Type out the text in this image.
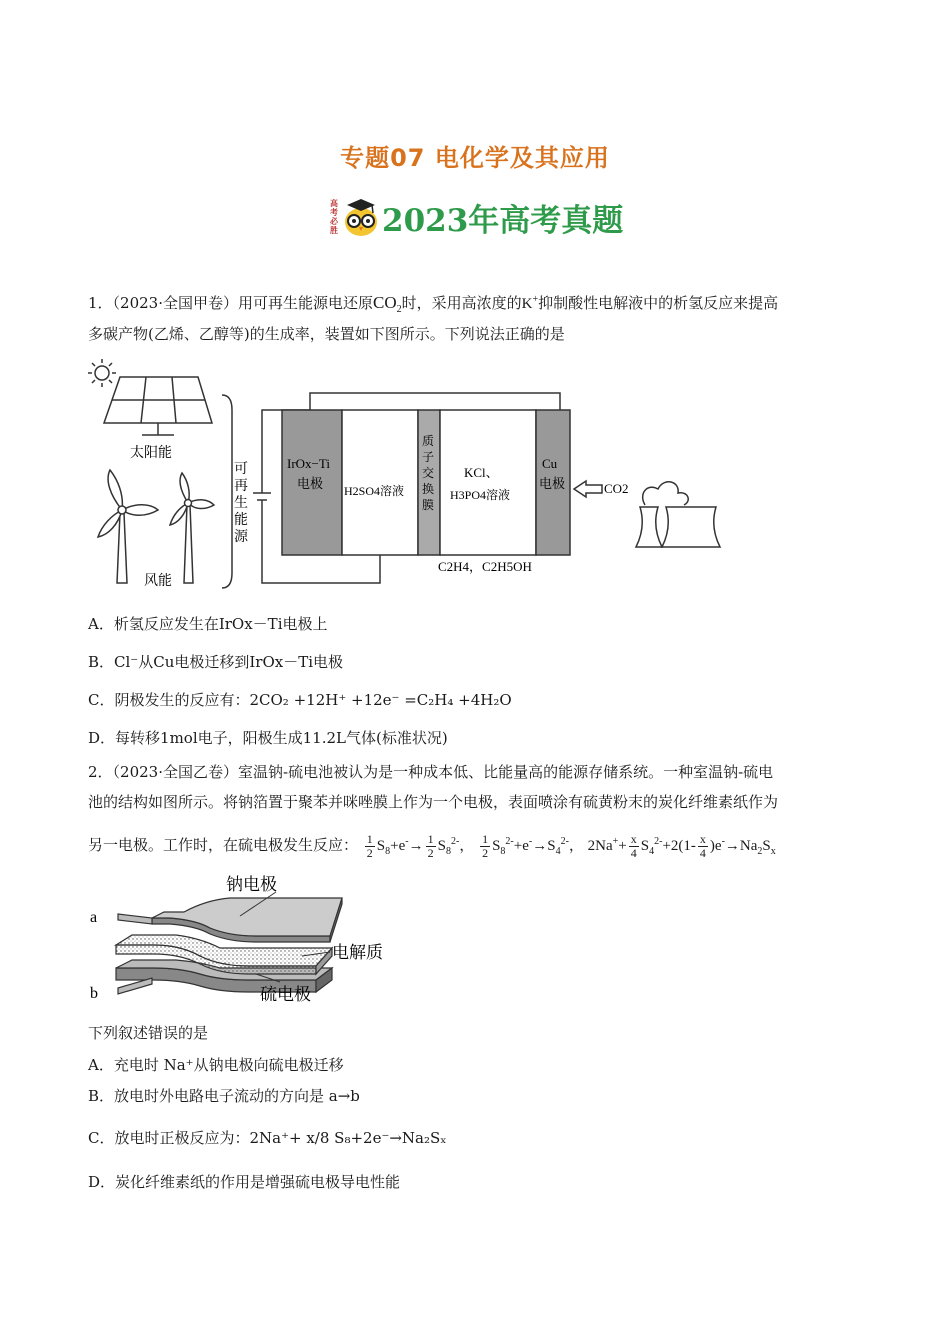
专题07 电化学及其应用
高考必胜 2023年高考真题
1．（2023·全国甲卷）用可再生能源电还原$CO_2$时，采用高浓度的K+抑制酸性电解液中的析氢反应来提高
多碳产物(乙烯、乙醇等)的生成率，装置如下图所示。下列说法正确的是
太阳能
风能
可
再
生
能
源
IrOx−Ti
电极 H2SO4溶液
质
子
交
换
膜
KCl、
H3PO4溶液
Cu
电极	CO2
C2H4，C2H5OH
A．析氢反应发生在IrOx－Ti电极上
B．Cl⁻从Cu电极迁移到IrOx－Ti电极
C．阴极发生的反应有：2CO₂ +12H⁺ +12e⁻ =C₂H₄ +4H₂O
D．每转移1mol电子，阳极生成11.2L气体(标准状况)
2．（2023·全国乙卷）室温钠-硫电池被认为是一种成本低、比能量高的能源存储系统。一种室温钠-硫电
池的结构如图所示。将钠箔置于聚苯并咪唑膜上作为一个电极，表面喷涂有硫黄粉末的炭化纤维素纸作为
另一电极。工作时，在硫电极发生反应： $\frac{1}{2} S_8+e^-\to \frac{1}{2} S_8^{2-}$， $\frac{1}{2} S_8^{2-}+e^-\to S_4^{2-}$， $2Na^++ \frac{x}{4} S_4^{2-}+2(1- \frac{x}{4} )e^-\to Na_2S_x$
a
b
钠电极
电解质
硫电极
下列叙述错误的是
A．充电时 Na⁺从钠电极向硫电极迁移
B．放电时外电路电子流动的方向是 a→b
C．放电时正极反应为：2Na⁺+ x/8 S₈+2e⁻→Na₂Sₓ
D．炭化纤维素纸的作用是增强硫电极导电性能
